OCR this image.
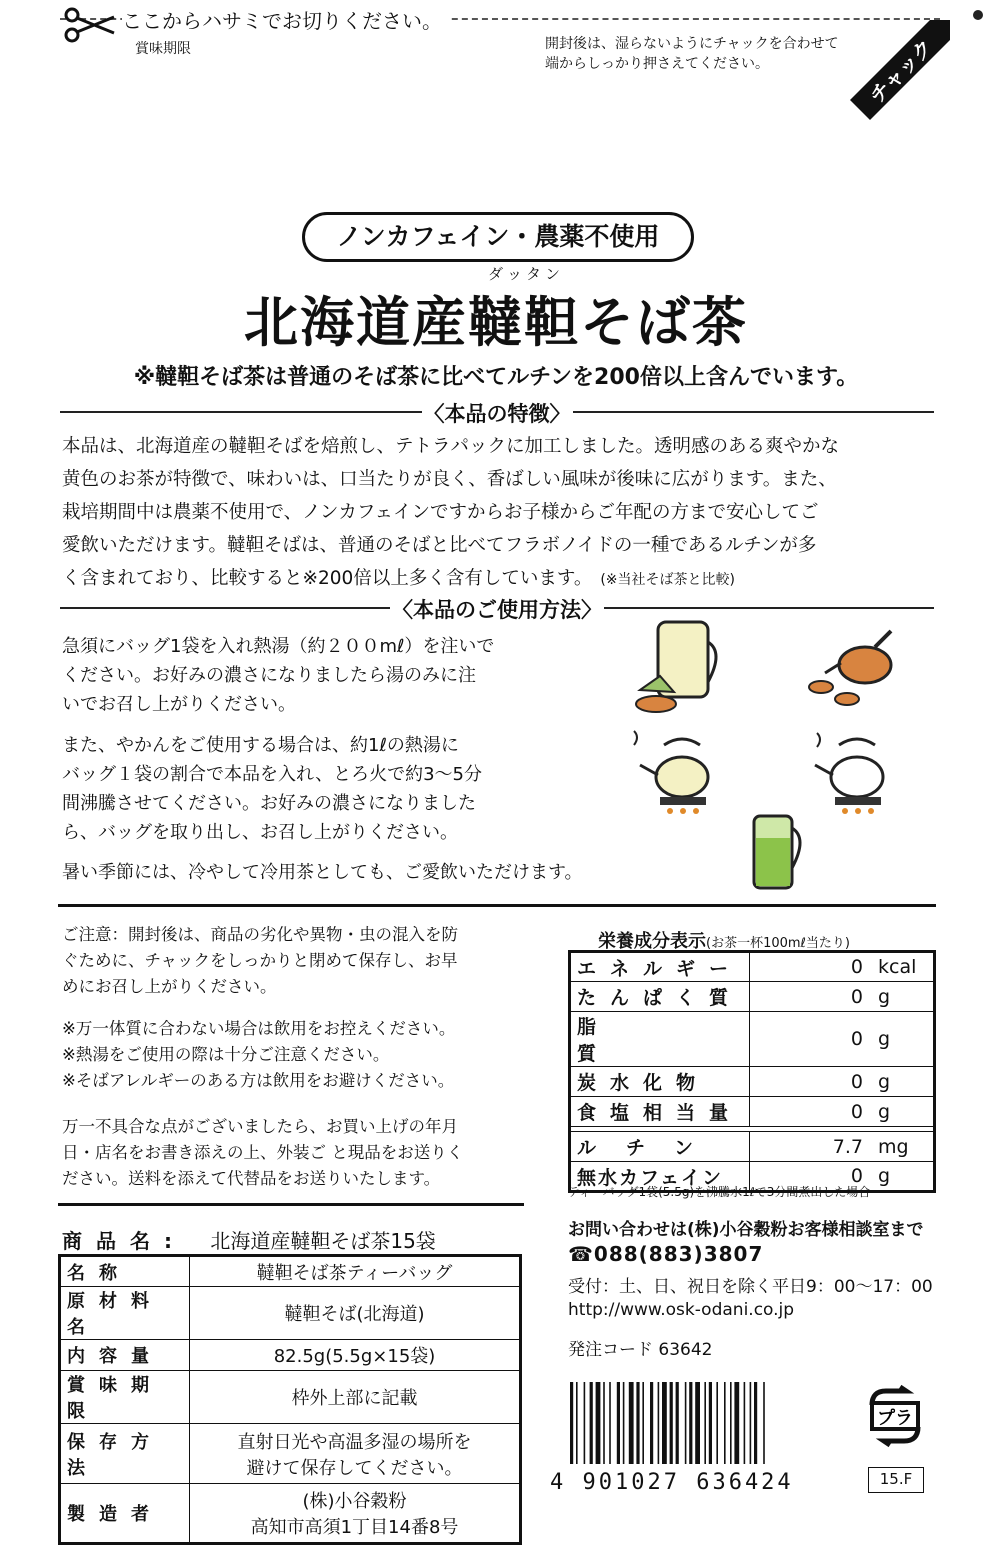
ここからハサミでお切りください。
賞味期限	開封後は、湿らないようにチャックを合わせて
端からしっかり押さえてください。	チャック
ノンカフェイン・農薬不使用
ダッタン
北海道産韃靼そば茶
※韃靼そば茶は普通のそば茶に比べてルチンを200倍以上含んでいます。
〈本品の特徴〉
本品は、北海道産の韃靼そばを焙煎し、テトラパックに加工しました。透明感のある爽やかな
黄色のお茶が特徴で、味わいは、口当たりが良く、香ばしい風味が後味に広がります。また、
栽培期間中は農薬不使用で、ノンカフェインですからお子様からご年配の方まで安心してご
愛飲いただけます。韃靼そばは、普通のそばと比べてフラボノイドの一種であるルチンが多
く含まれており、比較すると※200倍以上多く含有しています。 (※当社そば茶と比較)
〈本品のご使用方法〉
急須にバッグ1袋を入れ熱湯（約２００mℓ）を注いで
ください。お好みの濃さになりましたら湯のみに注
いでお召し上がりください。
また、やかんをご使用する場合は、約1ℓの熱湯に
バッグ１袋の割合で本品を入れ、とろ火で約3～5分
間沸騰させてください。お好みの濃さになりました
ら、バッグを取り出し、お召し上がりください。
暑い季節には、冷やして冷用茶としても、ご愛飲いただけます。
ご注意：開封後は、商品の劣化や異物・虫の混入を防
ぐために、チャックをしっかりと閉めて保存し、お早
めにお召し上がりください。
※万一体質に合わない場合は飲用をお控えください。
※熱湯をご使用の際は十分ご注意ください。
※そばアレルギーのある方は飲用をお避けください。
万一不具合な点がございましたら、お買い上げの年月
日・店名をお書き添えの上、外装ご と現品をお送りく
ださい。送料を添えて代替品をお送りいたします。
栄養成分表示(お茶一杯100mℓ当たり)
エネルギー	0 kcal

たんぱく質	0 g

脂 質	0 g

炭水化物	0 g

食塩相当量	0 g

ルチン	7.7 mg

無水カフェイン	0 g
ティーバッグ1袋(5.5g)を沸騰水1ℓで3分間煮出した場合
商品名: 北海道産韃靼そば茶15袋
名称	韃靼そば茶ティーバッグ
原材料名	韃靼そば(北海道)
内容量	82.5g(5.5g×15袋)
賞味期限	枠外上部に記載
保存方法	直射日光や高温多湿の場所を
避けて保存してください。

製造者	(株)小谷穀粉
高知市高須1丁目14番8号
お問い合わせは(株)小谷穀粉お客様相談室まで
☎088(883)3807
受付：土、日、祝日を除く平日9：00～17：00
http://www.osk-odani.co.jp
発注コード 63642
4 901027 636424
プラ
15.F
